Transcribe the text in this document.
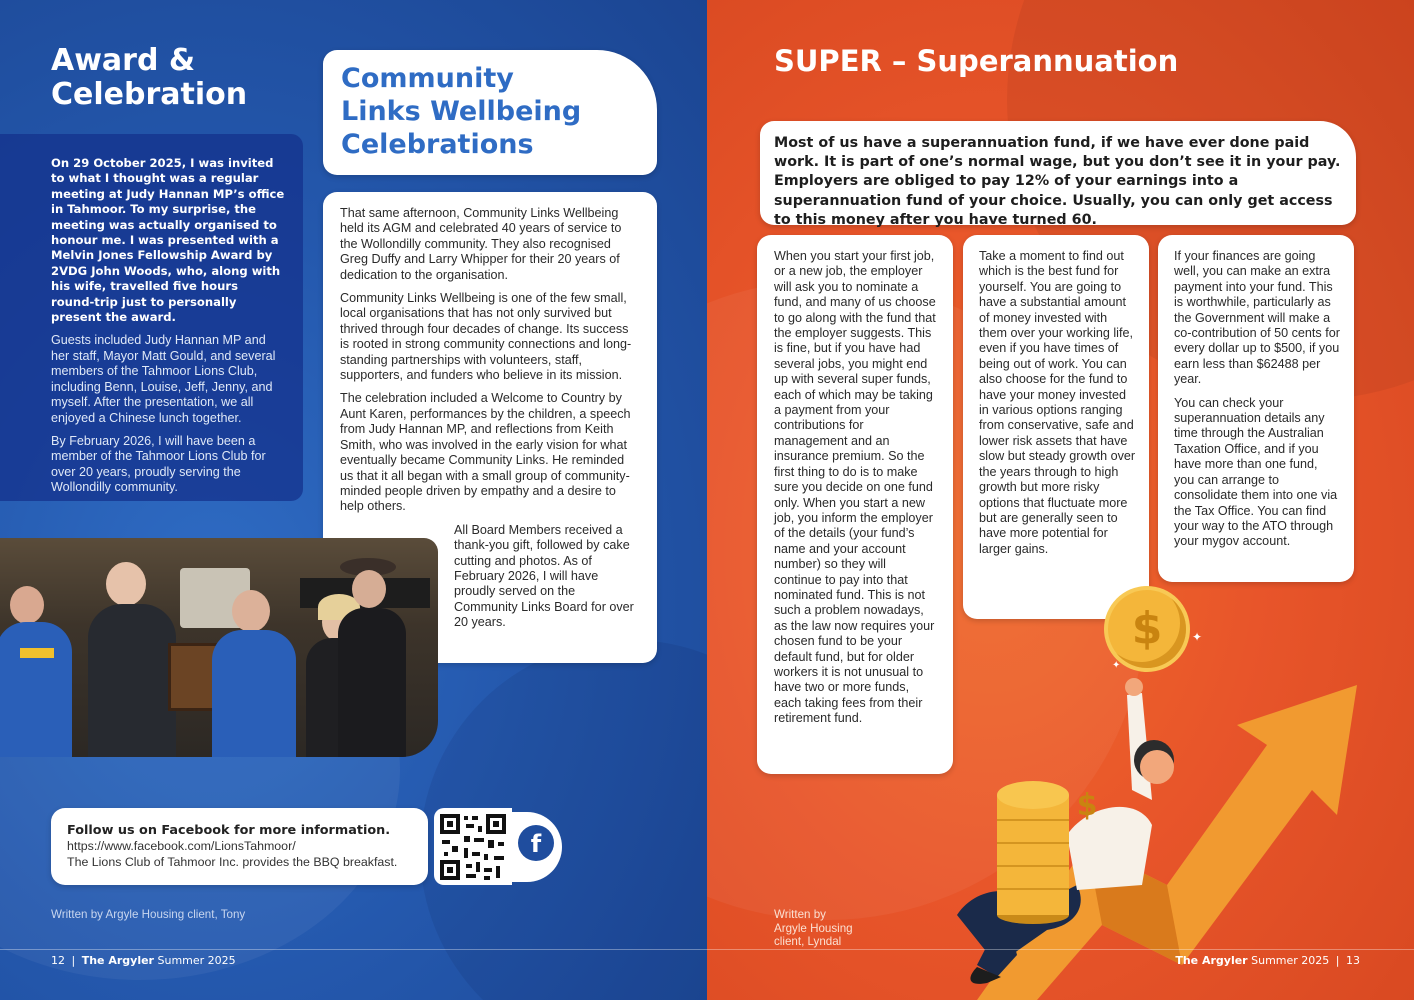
Award &
Celebration

On 29 October 2025, I was invited to what I thought was a regular meeting at Judy Hannan MP’s office in Tahmoor. To my surprise, the meeting was actually organised to honour me. I was presented with a Melvin Jones Fellowship Award by 2VDG John Woods, who, along with his wife, travelled five hours round-trip just to personally present the award.

Guests included Judy Hannan MP and her staff, Mayor Matt Gould, and several members of the Tahmoor Lions Club, including Benn, Louise, Jeff, Jenny, and myself. After the presentation, we all enjoyed a Chinese lunch together.

By February 2026, I will have been a member of the Tahmoor Lions Club for over 20 years, proudly serving the Wollondilly community.

Community
Links Wellbeing
Celebrations

That same afternoon, Community Links Wellbeing held its AGM and celebrated 40 years of service to the Wollondilly community. They also recognised Greg Duffy and Larry Whipper for their 20 years of dedication to the organisation.

Community Links Wellbeing is one of the few small, local organisations that has not only survived but thrived through four decades of change. Its success is rooted in strong community connections and long-standing partnerships with volunteers, staff, supporters, and funders who believe in its mission.

The celebration included a Welcome to Country by Aunt Karen, performances by the children, a speech from Judy Hannan MP, and reflections from Keith Smith, who was involved in the early vision for what eventually became Community Links. He reminded us that it all began with a small group of community-minded people driven by empathy and a desire to help others.

All Board Members received a thank-you gift, followed by cake cutting and photos. As of February 2026, I will have proudly served on the Community Links Board for over 20 years.

Follow us on Facebook for more information.
https://www.facebook.com/LionsTahmoor/
The Lions Club of Tahmoor Inc. provides the BBQ breakfast.
f
Written by Argyle Housing client, Tony
12 | The Argyler Summer 2025
SUPER – Superannuation
Most of us have a superannuation fund, if we have ever done paid work. It is part of one’s normal wage, but you don’t see it in your pay. Employers are obliged to pay 12% of your earnings into a superannuation fund of your choice. Usually, you can only get access to this money after you have turned 60.

When you start your first job, or a new job, the employer will ask you to nominate a fund, and many of us choose to go along with the fund that the employer suggests. This is fine, but if you have had several jobs, you might end up with several super funds, each of which may be taking a payment from your contributions for management and an insurance premium. So the first thing to do is to make sure you decide on one fund only. When you start a new job, you inform the employer of the details (your fund’s name and your account number) so they will continue to pay into that nominated fund. This is not such a problem nowadays, as the law now requires your chosen fund to be your default fund, but for older workers it is not unusual to have two or more funds, each taking fees from their retirement fund.

Take a moment to find out which is the best fund for yourself. You are going to have a substantial amount of money invested with them over your working life, even if you have times of being out of work. You can also choose for the fund to have your money invested in various options ranging from conservative, safe and lower risk assets that have slow but steady growth over the years through to high growth but more risky options that fluctuate more but are generally seen to have more potential for larger gains.

If your finances are going well, you can make an extra payment into your fund. This is worthwhile, particularly as the Government will make a co-contribution of 50 cents for every dollar up to $500, if you earn less than $62488 per year.

You can check your superannuation details any time through the Australian Taxation Office, and if you have more than one fund, you can arrange to consolidate them into one via the Tax Office. You can find your way to the ATO through your mygov account.

$
$
✦
✦
✦
Written by
Argyle Housing
client, Lyndal
The Argyler Summer 2025 | 13
